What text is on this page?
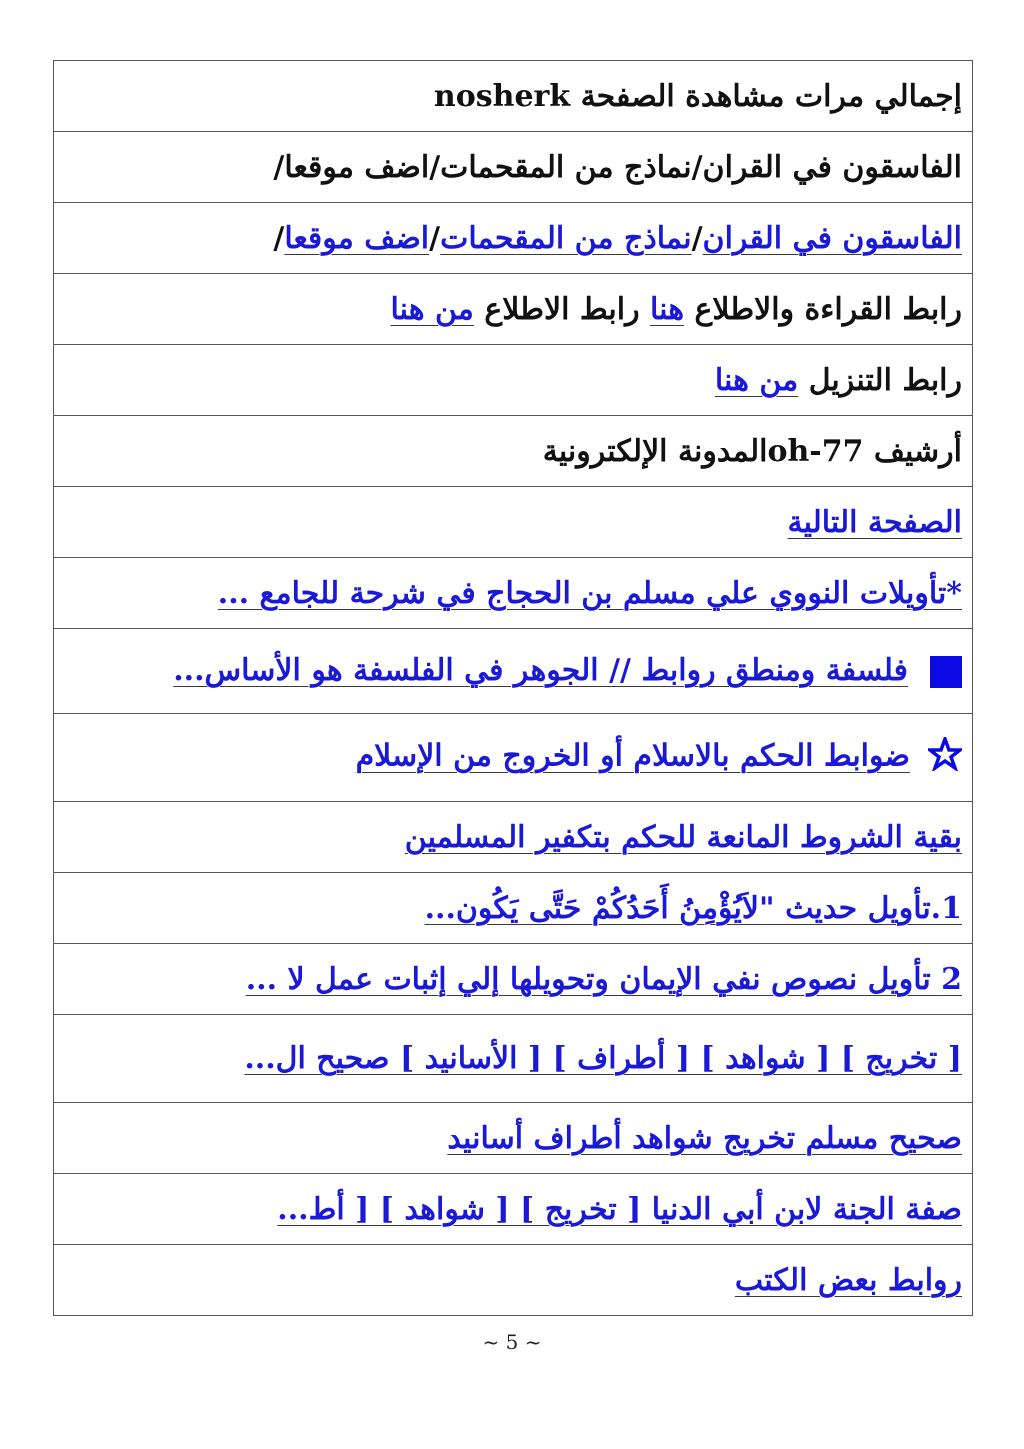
إجمالي مرات مشاهدة الصفحة nosherk
الفاسقون في القران/نماذج من المقحمات/اضف موقعا/
الفاسقون في القران/نماذج من المقحمات/اضف موقعا/
رابط القراءة والاطلاع هنا رابط الاطلاع من هنا
رابط التنزيل من هنا
أرشيف oh-77المدونة الإلكترونية
الصفحة التالية
*تأويلات النووي علي مسلم بن الحجاج في شرحة للجامع ...
فلسفة ومنطق روابط // الجوهر في الفلسفة هو الأساس...
ضوابط الحكم بالاسلام أو الخروج من الإسلام
بقية الشروط المانعة للحكم بتكفير المسلمين
1.تأويل حديث "لاَيُؤْمِنُ أَحَدُكُمْ حَتَّى يَكُون...
2 تأويل نصوص نفي الإيمان وتحويلها إلي إثبات عمل لا ...
[ تخريج ] [ شواهد ] [ أطراف ] [ الأسانيد ] صحيح ال...
صحيح مسلم تخريج شواهد أطراف أسانيد
صفة الجنة لابن أبي الدنيا [ تخريج ] [ شواهد ] [ أط...
روابط بعض الكتب
~ 5 ~
